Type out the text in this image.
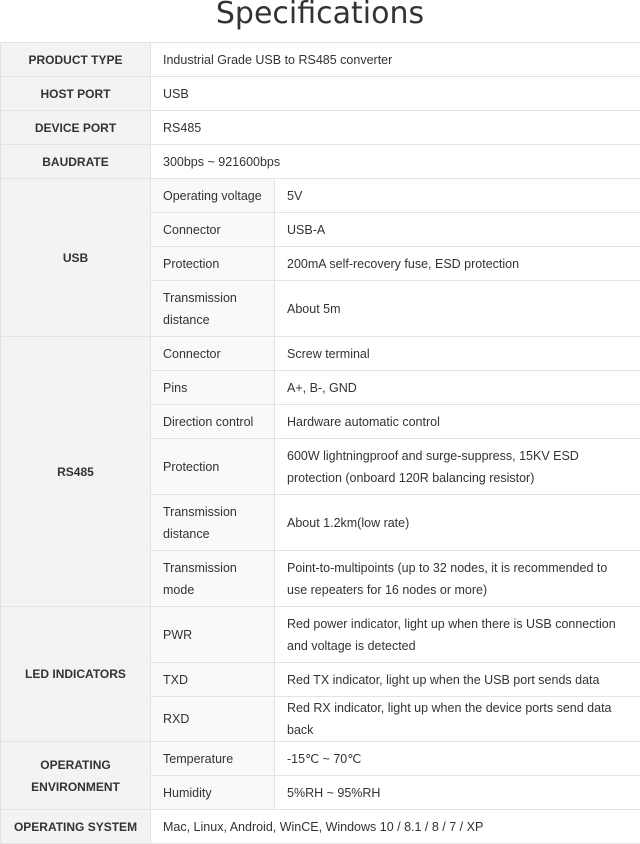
Specifications
PRODUCT TYPE	Industrial Grade USB to RS485 converter	
HOST PORT	USB	
DEVICE PORT	RS485	
BAUDRATE	300bps ~ 921600bps	
USB	Operating voltage	5V
	Connector	USB-A
	Protection	200mA self-recovery fuse, ESD protection
	Transmission distance	About 5m
RS485	Connector	Screw terminal
	Pins	A+, B-, GND
	Direction control	Hardware automatic control
	Protection	600W lightningproof and surge-suppress, 15KV ESD protection (onboard 120R balancing resistor)
	Transmission distance	About 1.2km(low rate)
	Transmission mode	Point-to-multipoints (up to 32 nodes, it is recommended to use repeaters for 16 nodes or more)
LED INDICATORS	PWR	Red power indicator, light up when there is USB connection and voltage is detected
	TXD	Red TX indicator, light up when the USB port sends data
	RXD	Red RX indicator, light up when the device ports send data back
OPERATING ENVIRONMENT	Temperature	-15℃ ~ 70℃
	Humidity	5%RH ~ 95%RH
OPERATING SYSTEM	Mac, Linux, Android, WinCE, Windows 10 / 8.1 / 8 / 7 / XP	
